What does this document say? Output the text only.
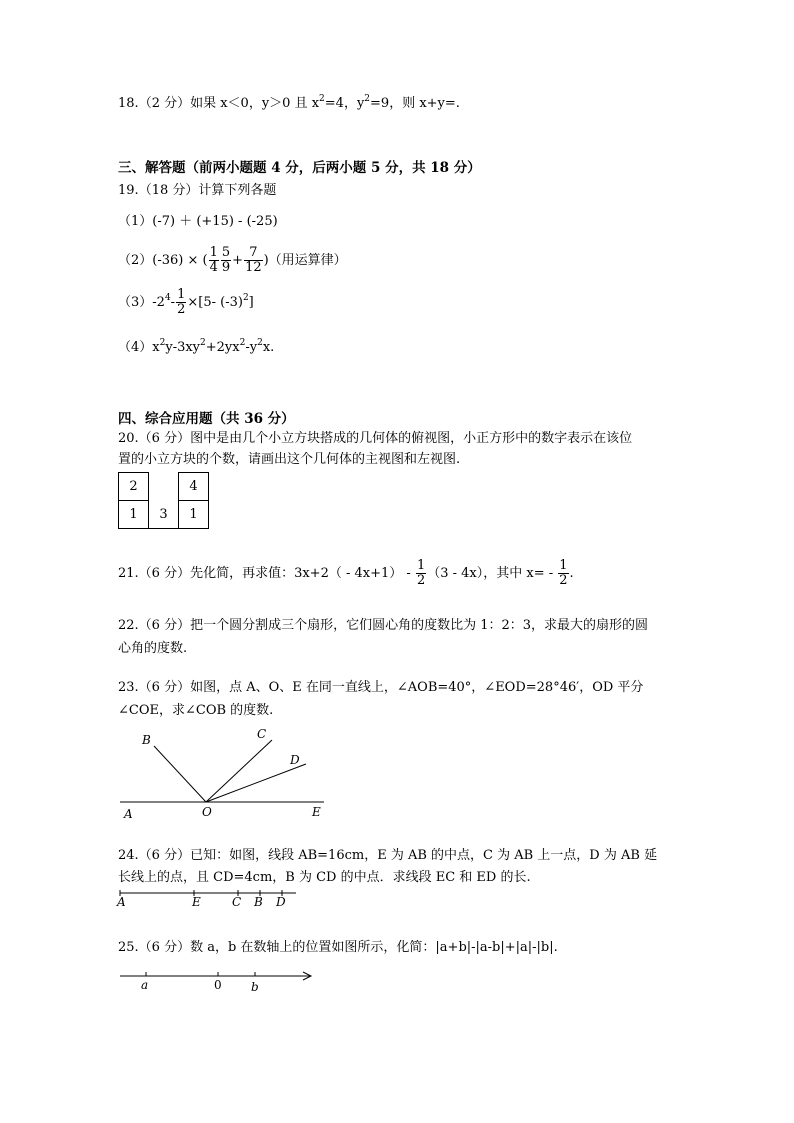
18.（2 分）如果 x＜0，y＞0 且 $x^2=4$，$y^2=9$，则 x+y=.
三、解答题（前两小题题 4 分，后两小题 5 分，共 18 分）
19.（18 分）计算下列各题
（1）(-7) ＋ (+15) - (-25)
（2）(-36) × ( $\frac{1}{4} \frac{5}{9} + \frac{7}{12}$ )（用运算律）
$(3)-2^4- \frac{1}{2} \times[5-$ $(-3)^2$]
$(4)x^2y-3xy^2+2yx^2-y^2x$.
四、综合应用题（共 36 分）
20.（6 分）图中是由几个小立方块搭成的几何体的俯视图，小正方形中的数字表示在该位
置的小立方块的个数，请画出这个几何体的主视图和左视图.
2		4
1	3	1
21.（6 分）先化简，再求值：$3x+2( - 4x+1) - \frac{1}{2} (3 - 4x)$，其中 $x= - \frac{1}{2}$ .
22.（6 分）把一个圆分割成三个扇形，它们圆心角的度数比为 1：2：3，求最大的扇形的圆
心角的度数.
23.（6 分）如图，点 A、O、E 在同一直线上，∠AOB=40°，∠EOD=28°46′，OD 平分
∠COE，求∠COB 的度数.
B	C
D
O
A	E
24.（6 分）已知：如图，线段 AB=16cm，E 为 AB 的中点，C 为 AB 上一点，D 为 AB 延
长线上的点，且 CD=4cm，B 为 CD 的中点．求线段 EC 和 ED 的长.
A	E	C B D
25.（6 分）数 a，b 在数轴上的位置如图所示，化简：|a+b|-|a-b|+|a|-|b|.
a	0 b
